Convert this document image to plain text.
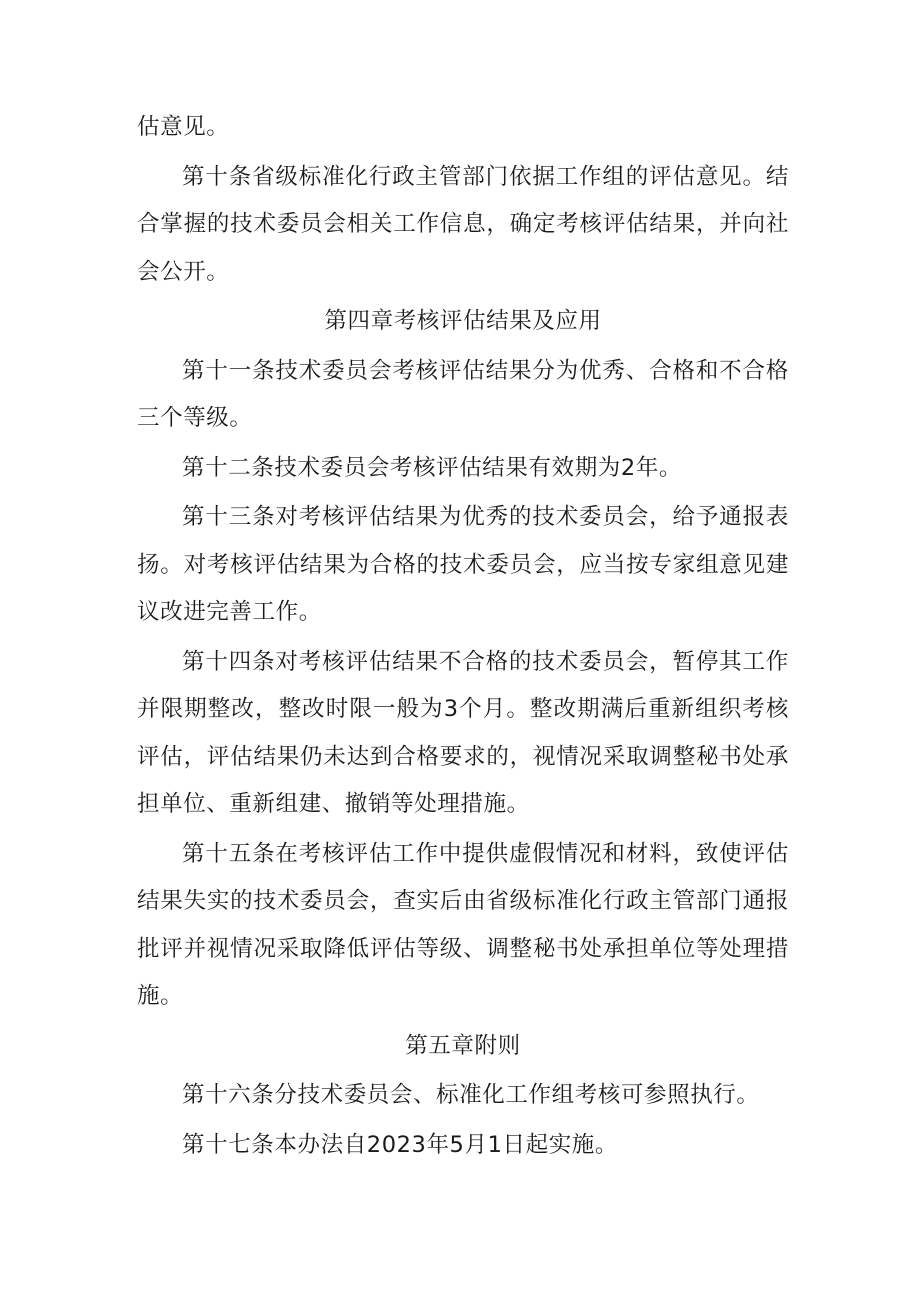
估意见。

第十条省级标准化行政主管部门依据工作组的评估意见。结合掌握的技术委员会相关工作信息，确定考核评估结果，并向社会公开。

第四章考核评估结果及应用

第十一条技术委员会考核评估结果分为优秀、合格和不合格三个等级。

第十二条技术委员会考核评估结果有效期为2年。

第十三条对考核评估结果为优秀的技术委员会，给予通报表扬。对考核评估结果为合格的技术委员会，应当按专家组意见建议改进完善工作。

第十四条对考核评估结果不合格的技术委员会，暂停其工作并限期整改，整改时限一般为3个月。整改期满后重新组织考核评估，评估结果仍未达到合格要求的，视情况采取调整秘书处承担单位、重新组建、撤销等处理措施。

第十五条在考核评估工作中提供虚假情况和材料，致使评估结果失实的技术委员会，查实后由省级标准化行政主管部门通报批评并视情况采取降低评估等级、调整秘书处承担单位等处理措施。

第五章附则

第十六条分技术委员会、标准化工作组考核可参照执行。

第十七条本办法自2023年5月1日起实施。
